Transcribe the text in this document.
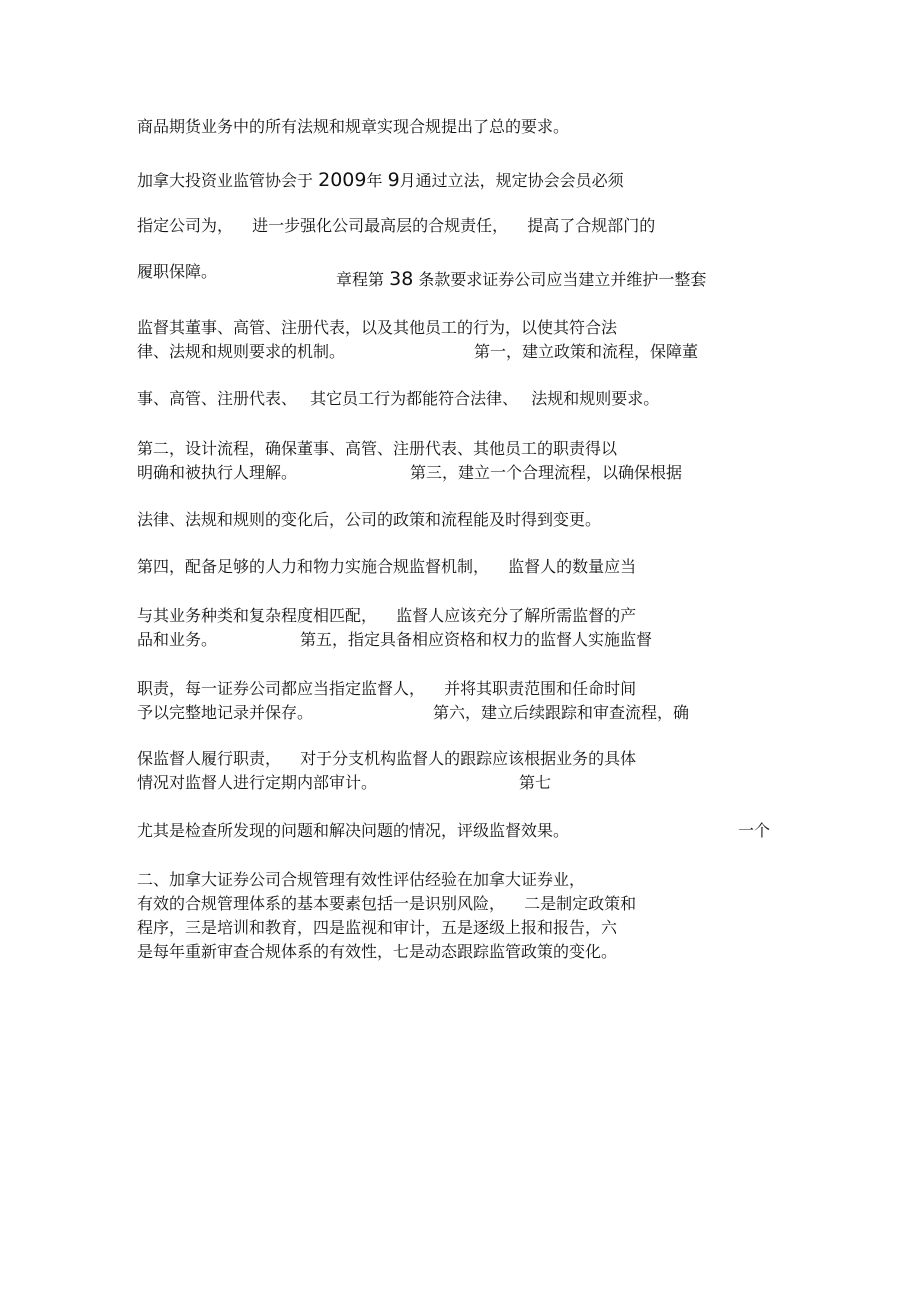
商品期货业务中的所有法规和规章实现合规提出了总的要求。

加拿大投资业监管协会于 2009年 9月通过立法，规定协会会员必须

指定公司为， 进一步强化公司最高层的合规责任， 提高了合规部门的

履职保障。	章程第 38 条款要求证券公司应当建立并维护一整套

监督其董事、高管、注册代表，以及其他员工的行为，以使其符合法

律、法规和规则要求的机制。	第一，建立政策和流程，保障董

事、高管、注册代表、 其它员工行为都能符合法律、 法规和规则要求。

第二，设计流程，确保董事、高管、注册代表、其他员工的职责得以

明确和被执行人理解。	第三，建立一个合理流程，以确保根据

法律、法规和规则的变化后，公司的政策和流程能及时得到变更。

第四，配备足够的人力和物力实施合规监督机制， 监督人的数量应当

与其业务种类和复杂程度相匹配， 监督人应该充分了解所需监督的产

品和业务。	第五，指定具备相应资格和权力的监督人实施监督

职责，每一证券公司都应当指定监督人， 并将其职责范围和任命时间

予以完整地记录并保存。	第六，建立后续跟踪和审查流程，确

保监督人履行职责， 对于分支机构监督人的跟踪应该根据业务的具体

情况对监督人进行定期内部审计。	第七

尤其是检查所发现的问题和解决问题的情况，评级监督效果。	一个

二、加拿大证券公司合规管理有效性评估经验在加拿大证券业，

有效的合规管理体系的基本要素包括一是识别风险， 二是制定政策和

程序，三是培训和教育，四是监视和审计，五是逐级上报和报告，六

是每年重新审查合规体系的有效性，七是动态跟踪监管政策的变化。
